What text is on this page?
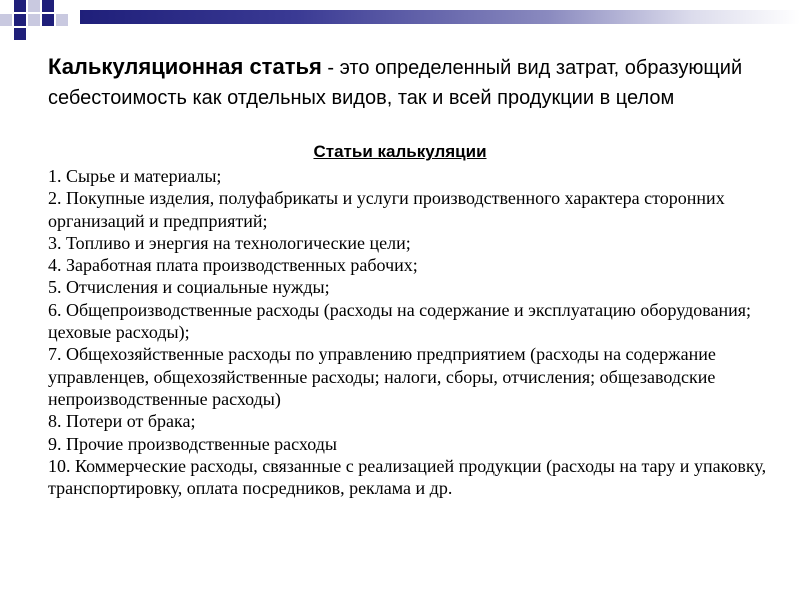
Калькуляционная статья - это определенный вид затрат, образующий себестоимость как отдельных видов, так и всей продукции в целом
Статьи калькуляции
1. Сырье и материалы;
2. Покупные изделия, полуфабрикаты и услуги производственного характера сторонних организаций и предприятий;
3. Топливо и энергия на технологические цели;
4. Заработная плата производственных рабочих;
5. Отчисления и социальные нужды;
6. Общепроизводственные расходы (расходы на содержание и эксплуатацию оборудования; цеховые расходы);
7. Общехозяйственные расходы по управлению предприятием (расходы на содержание управленцев, общехозяйственные расходы; налоги, сборы, отчисления; общезаводские непроизводственные расходы)
8. Потери от брака;
9. Прочие производственные расходы
10. Коммерческие расходы, связанные с реализацией продукции (расходы на тару и упаковку, транспортировку, оплата посредников, реклама и др.
